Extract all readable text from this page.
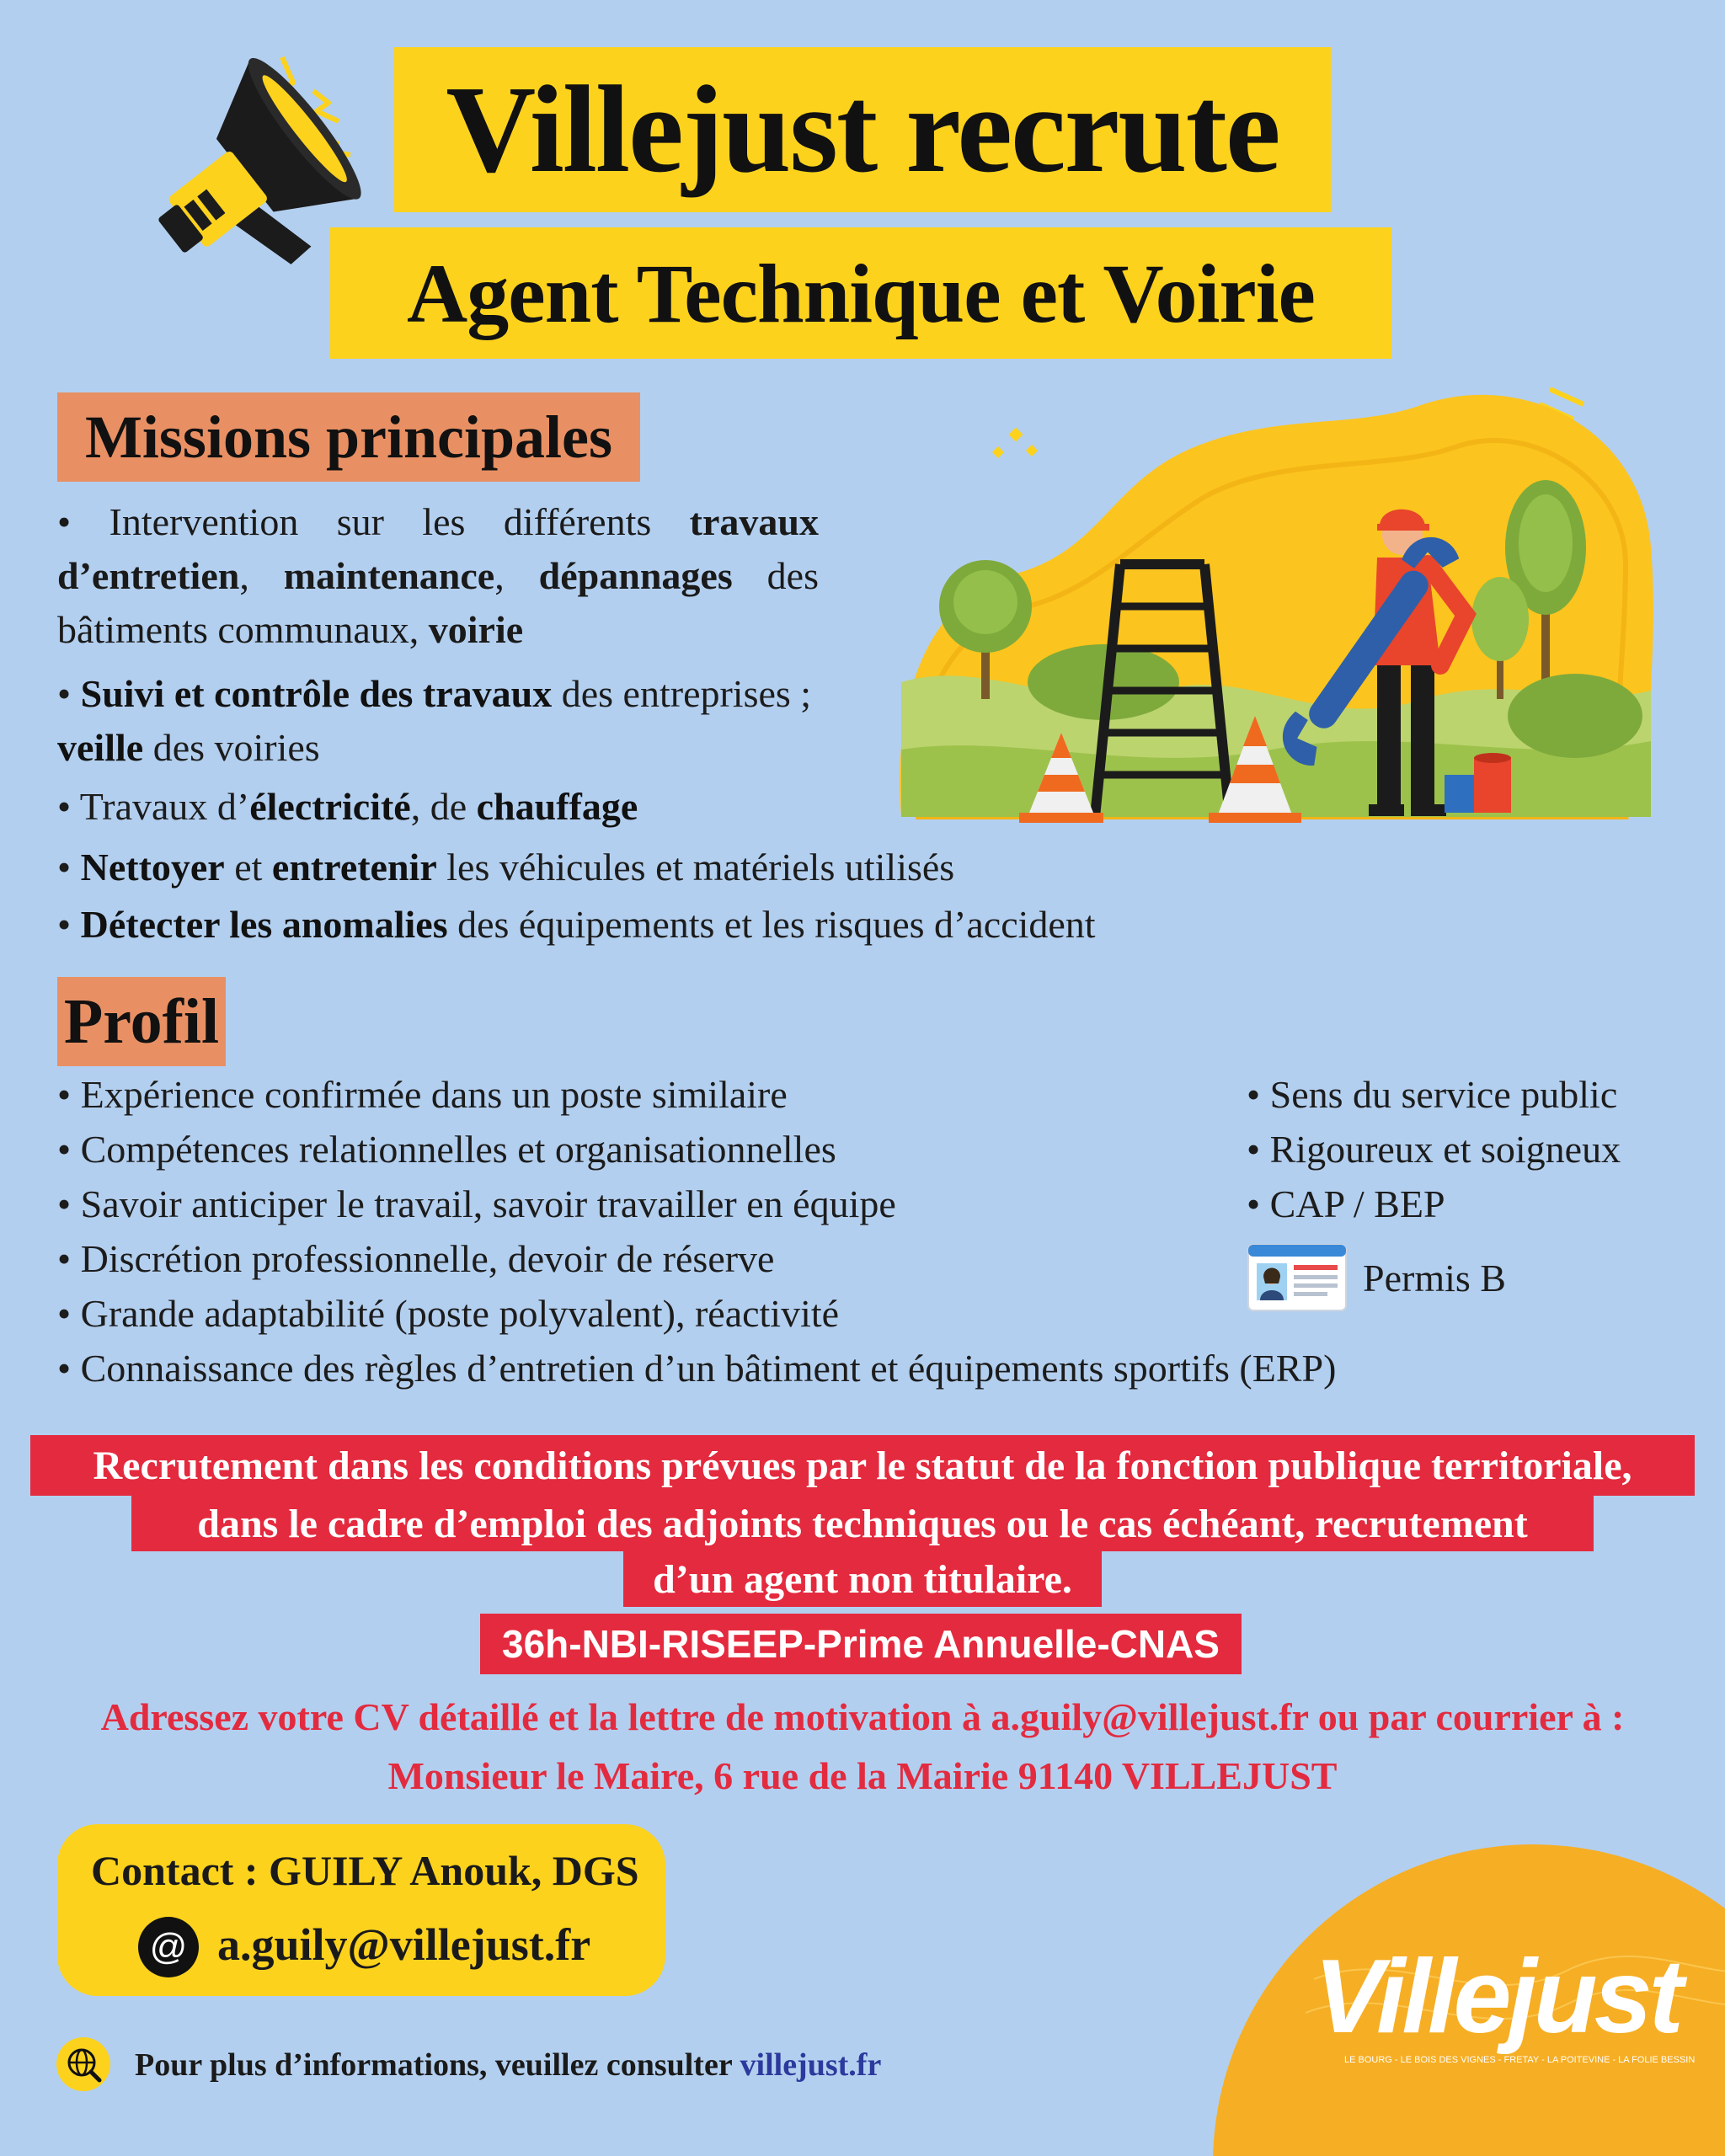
Villejust recrute
Agent Technique et Voirie
Missions principales
• Intervention sur les différents travaux d’entretien, maintenance, dépannages des bâtiments communaux, voirie
• Suivi et contrôle des travaux des entreprises ; veille des voiries
• Travaux d’électricité, de chauffage
• Nettoyer et entretenir les véhicules et matériels utilisés
• Détecter les anomalies des équipements et les risques d’accident
Profil
• Expérience confirmée dans un poste similaire
• Compétences relationnelles et organisationnelles
• Savoir anticiper le travail, savoir travailler en équipe
• Discrétion professionnelle, devoir de réserve
• Grande adaptabilité (poste polyvalent), réactivité
• Connaissance des règles d’entretien d’un bâtiment et équipements sportifs (ERP)
• Sens du service public
• Rigoureux et soigneux
• CAP / BEP
Permis B
Recrutement dans les conditions prévues par le statut de la fonction publique territoriale,
dans le cadre d’emploi des adjoints techniques ou le cas échéant, recrutement
d’un agent non titulaire.
36h-NBI-RISEEP-Prime Annuelle-CNAS
Adressez votre CV détaillé et la lettre de motivation à a.guily@villejust.fr ou par courrier à :
Monsieur le Maire, 6 rue de la Mairie 91140 VILLEJUST
Contact : GUILY Anouk, DGS
@ a.guily@villejust.fr
Pour plus d’informations, veuillez consulter villejust.fr
Villejust
LE BOURG - LE BOIS DES VIGNES - FRETAY - LA POITEVINE - LA FOLIE BESSIN
